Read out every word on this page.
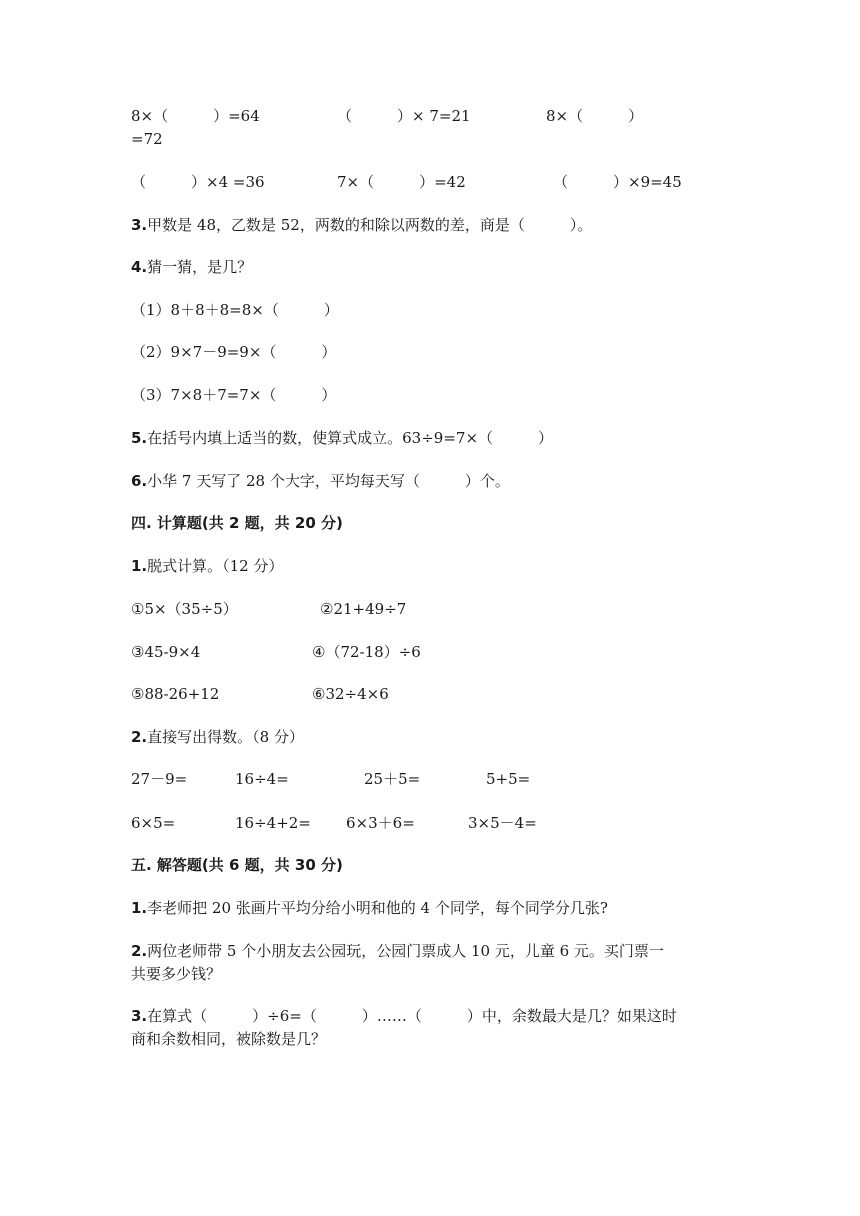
8×（　　　）=64	（　　　）× 7=21	8×（　　　）
=72
（　　　）×4 =36	7×（　　　）=42	（　　　）×9=45
3.甲数是 48，乙数是 52，两数的和除以两数的差，商是（　　　）。
4.猜一猜，是几？
（1）8＋8＋8=8×（　　　）
（2）9×7－9=9×（　　　）
（3）7×8＋7=7×（　　　）
5.在括号内填上适当的数，使算式成立。63÷9=7×（　　　）
6.小华 7 天写了 28 个大字，平均每天写（　　　）个。
四. 计算题(共 2 题，共 20 分)
1.脱式计算。（12 分）
①5×（35÷5）	②21+49÷7
③45-9×4	④（72-18）÷6
⑤88-26+12	⑥32÷4×6
2.直接写出得数。（8 分）
27－9=	16÷4=	25＋5=	5+5=
6×5=	16÷4+2= 6×3＋6=	3×5－4=
五. 解答题(共 6 题，共 30 分)
1.李老师把 20 张画片平均分给小明和他的 4 个同学，每个同学分几张?
2.两位老师带 5 个小朋友去公园玩，公园门票成人 10 元，儿童 6 元。买门票一
共要多少钱？
3.在算式（　　　）÷6=（　　　）……（　　　）中，余数最大是几？如果这时
商和余数相同，被除数是几？
